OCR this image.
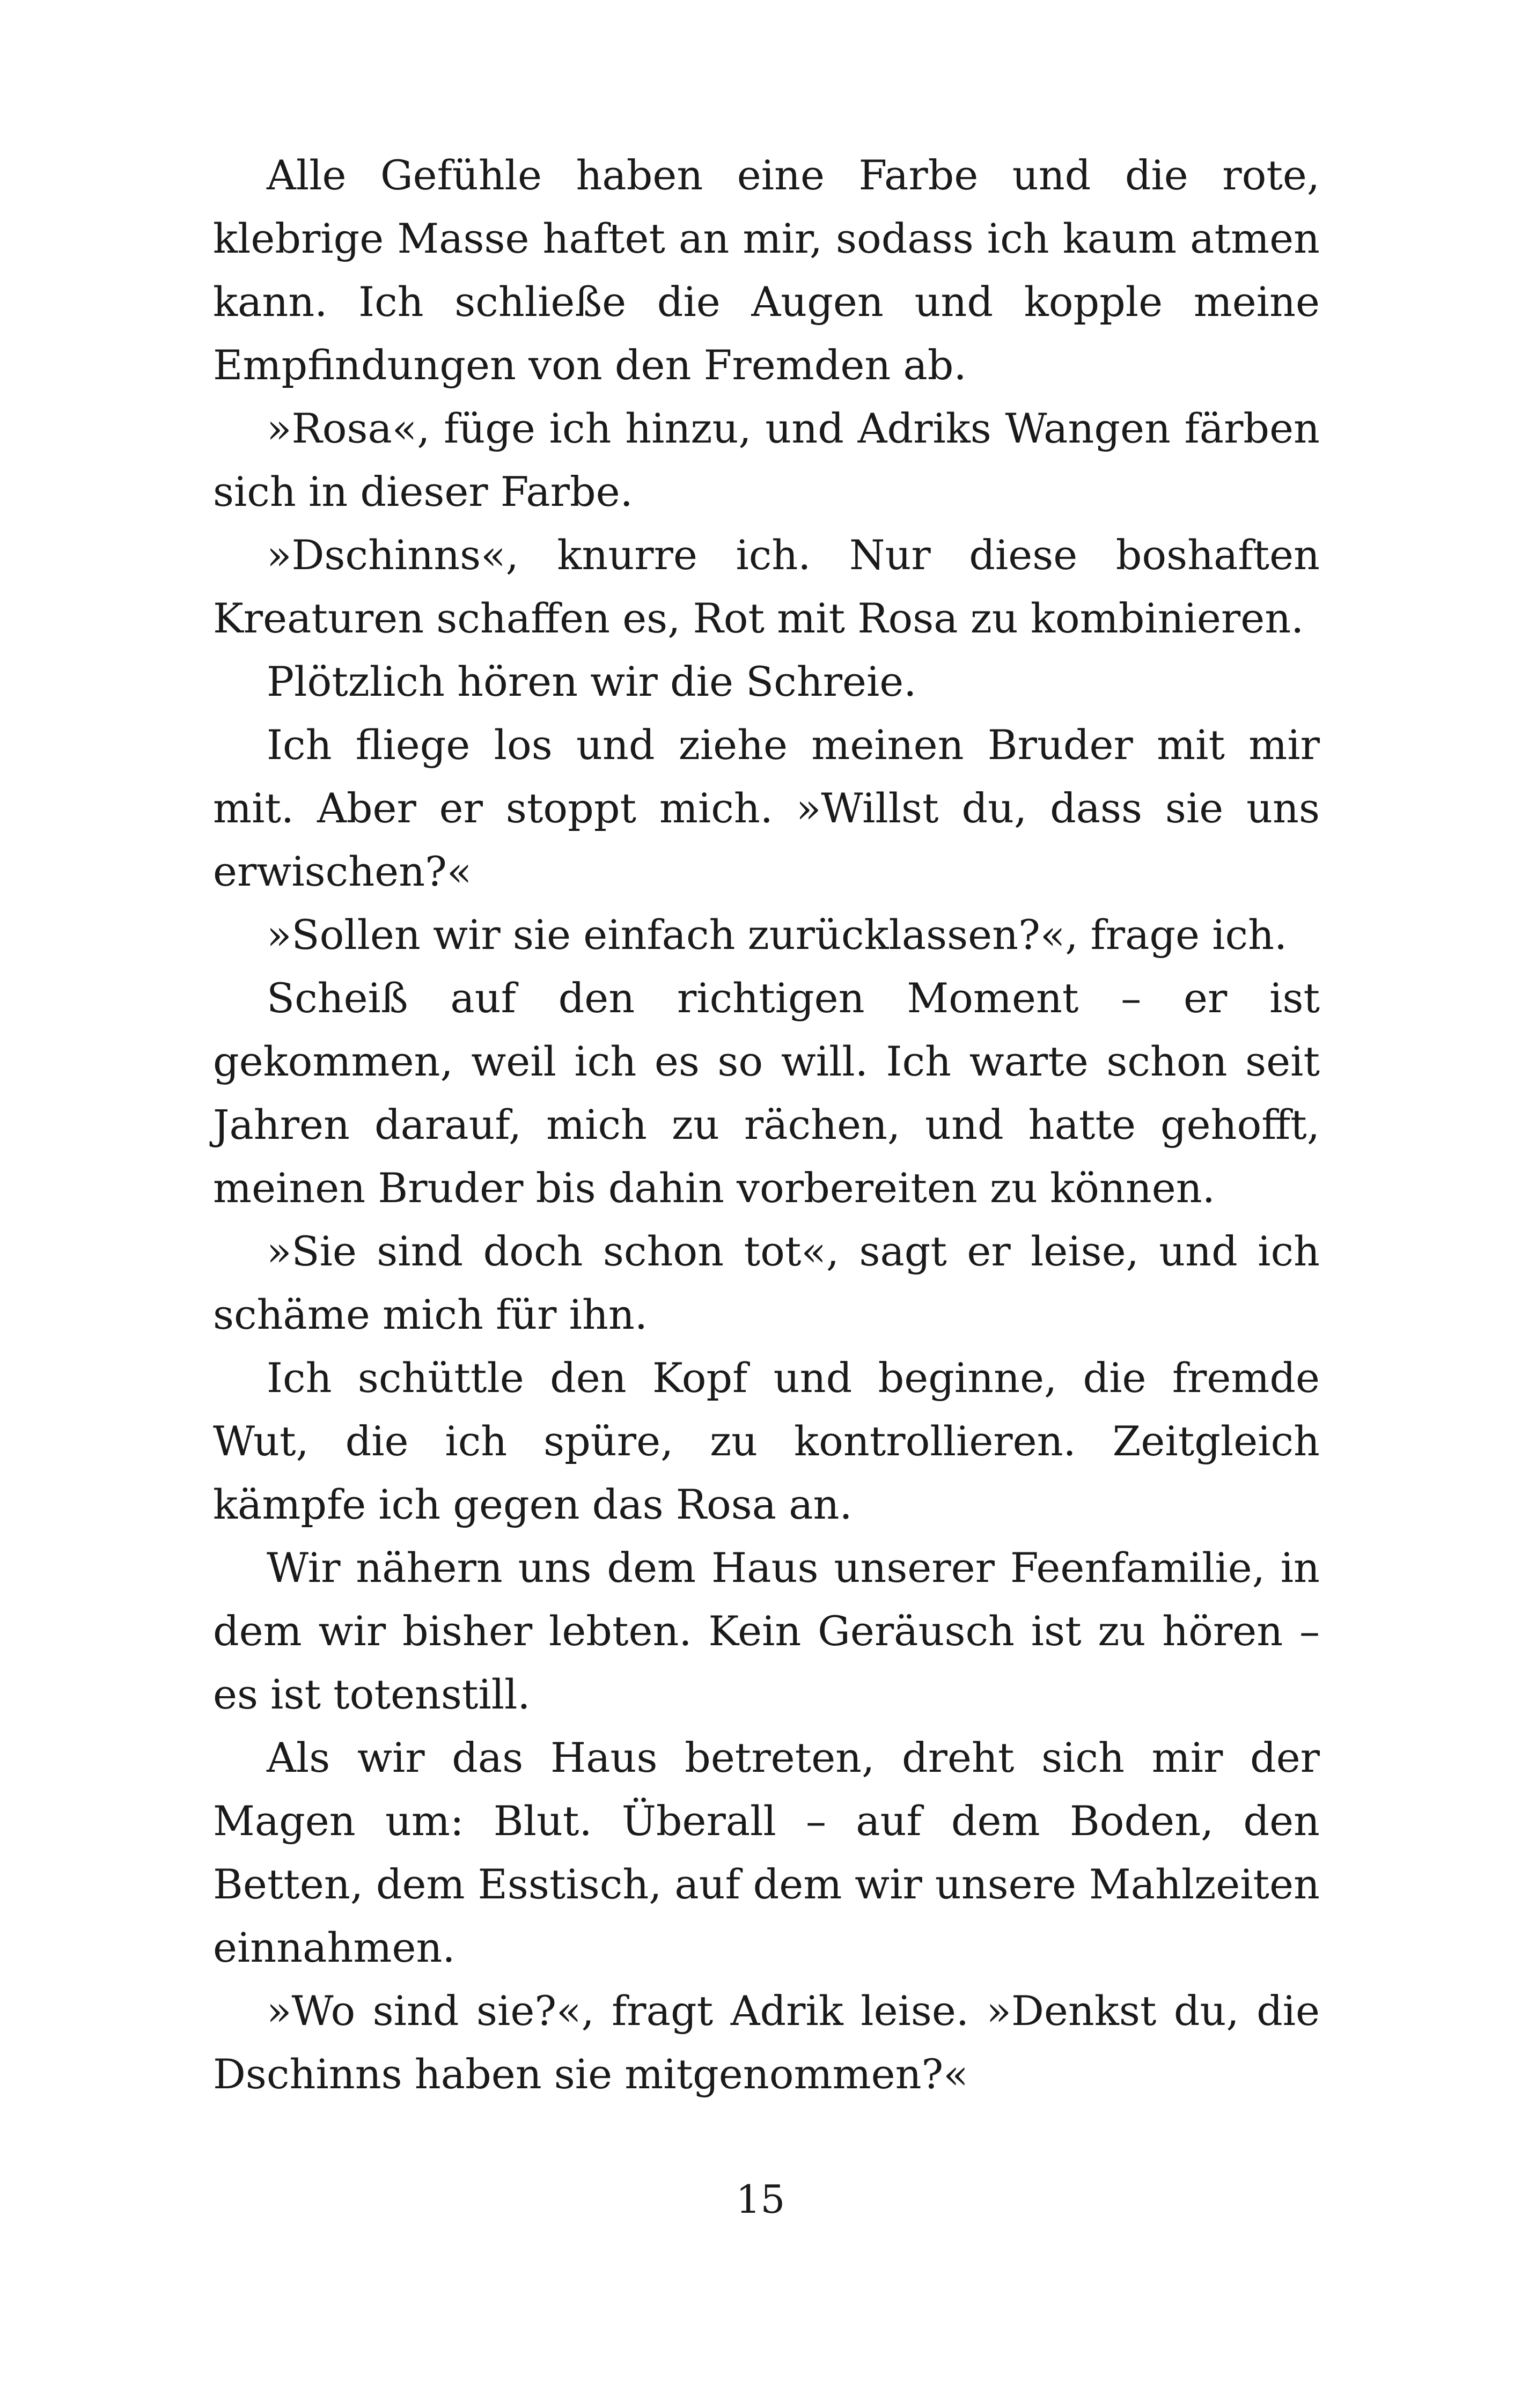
Alle Gefühle haben eine Farbe und die rote, klebrige Masse haftet an mir, sodass ich kaum atmen kann. Ich schließe die Augen und kopple meine Empfindungen von den Fremden ab.

»Rosa«, füge ich hinzu, und Adriks Wangen färben sich in dieser Farbe.

»Dschinns«, knurre ich. Nur diese boshaften Kreaturen schaffen es, Rot mit Rosa zu kombinieren.

Plötzlich hören wir die Schreie.

Ich fliege los und ziehe meinen Bruder mit mir mit. Aber er stoppt mich. »Willst du, dass sie uns erwischen?«

»Sollen wir sie einfach zurücklassen?«, frage ich.

Scheiß auf den richtigen Moment – er ist gekommen, weil ich es so will. Ich warte schon seit Jahren darauf, mich zu rächen, und hatte gehofft, meinen Bruder bis dahin vorbereiten zu können.

»Sie sind doch schon tot«, sagt er leise, und ich schäme mich für ihn.

Ich schüttle den Kopf und beginne, die fremde Wut, die ich spüre, zu kontrollieren. Zeitgleich kämpfe ich gegen das Rosa an.

Wir nähern uns dem Haus unserer Feenfamilie, in dem wir bisher lebten. Kein Geräusch ist zu hören – es ist totenstill.

Als wir das Haus betreten, dreht sich mir der Magen um: Blut. Überall – auf dem Boden, den Betten, dem Esstisch, auf dem wir unsere Mahlzeiten einnahmen.

»Wo sind sie?«, fragt Adrik leise. »Denkst du, die Dschinns haben sie mitgenommen?«

15
